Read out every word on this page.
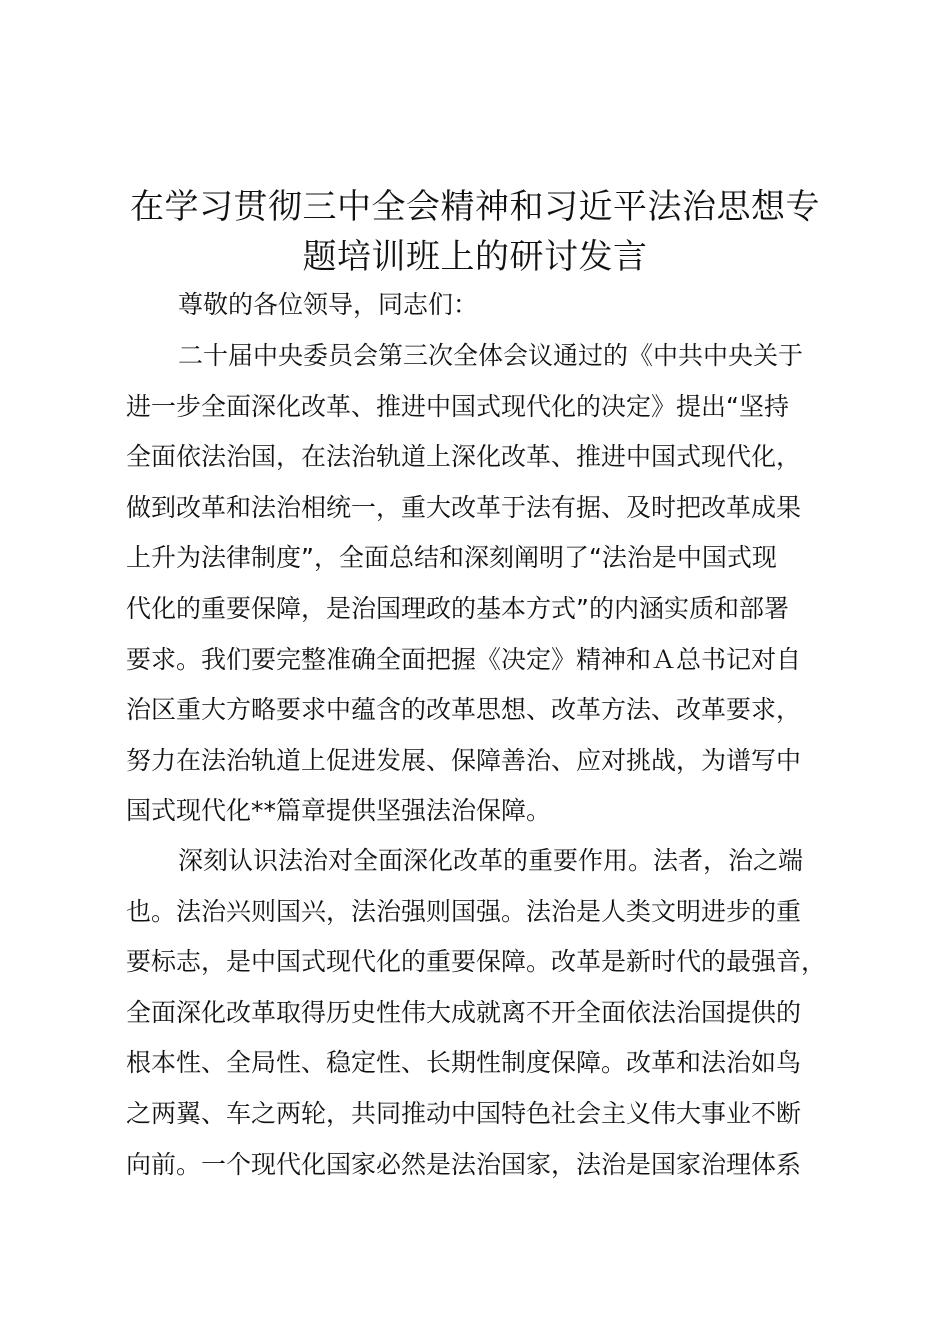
在学习贯彻三中全会精神和习近平法治思想专
题培训班上的研讨发言

尊敬的各位领导，同志们：

二十届中央委员会第三次全体会议通过的《中共中央关于
进一步全面深化改革、推进中国式现代化的决定》提出“坚持
全面依法治国，在法治轨道上深化改革、推进中国式现代化，
做到改革和法治相统一，重大改革于法有据、及时把改革成果
上升为法律制度”，全面总结和深刻阐明了“法治是中国式现
代化的重要保障，是治国理政的基本方式”的内涵实质和部署
要求。我们要完整准确全面把握《决定》精神和Ａ总书记对自
治区重大方略要求中蕴含的改革思想、改革方法、改革要求，
努力在法治轨道上促进发展、保障善治、应对挑战，为谱写中
国式现代化**篇章提供坚强法治保障。

深刻认识法治对全面深化改革的重要作用。法者，治之端
也。法治兴则国兴，法治强则国强。法治是人类文明进步的重
要标志，是中国式现代化的重要保障。改革是新时代的最强音，
全面深化改革取得历史性伟大成就离不开全面依法治国提供的
根本性、全局性、稳定性、长期性制度保障。改革和法治如鸟
之两翼、车之两轮，共同推动中国特色社会主义伟大事业不断
向前。一个现代化国家必然是法治国家，法治是国家治理体系
